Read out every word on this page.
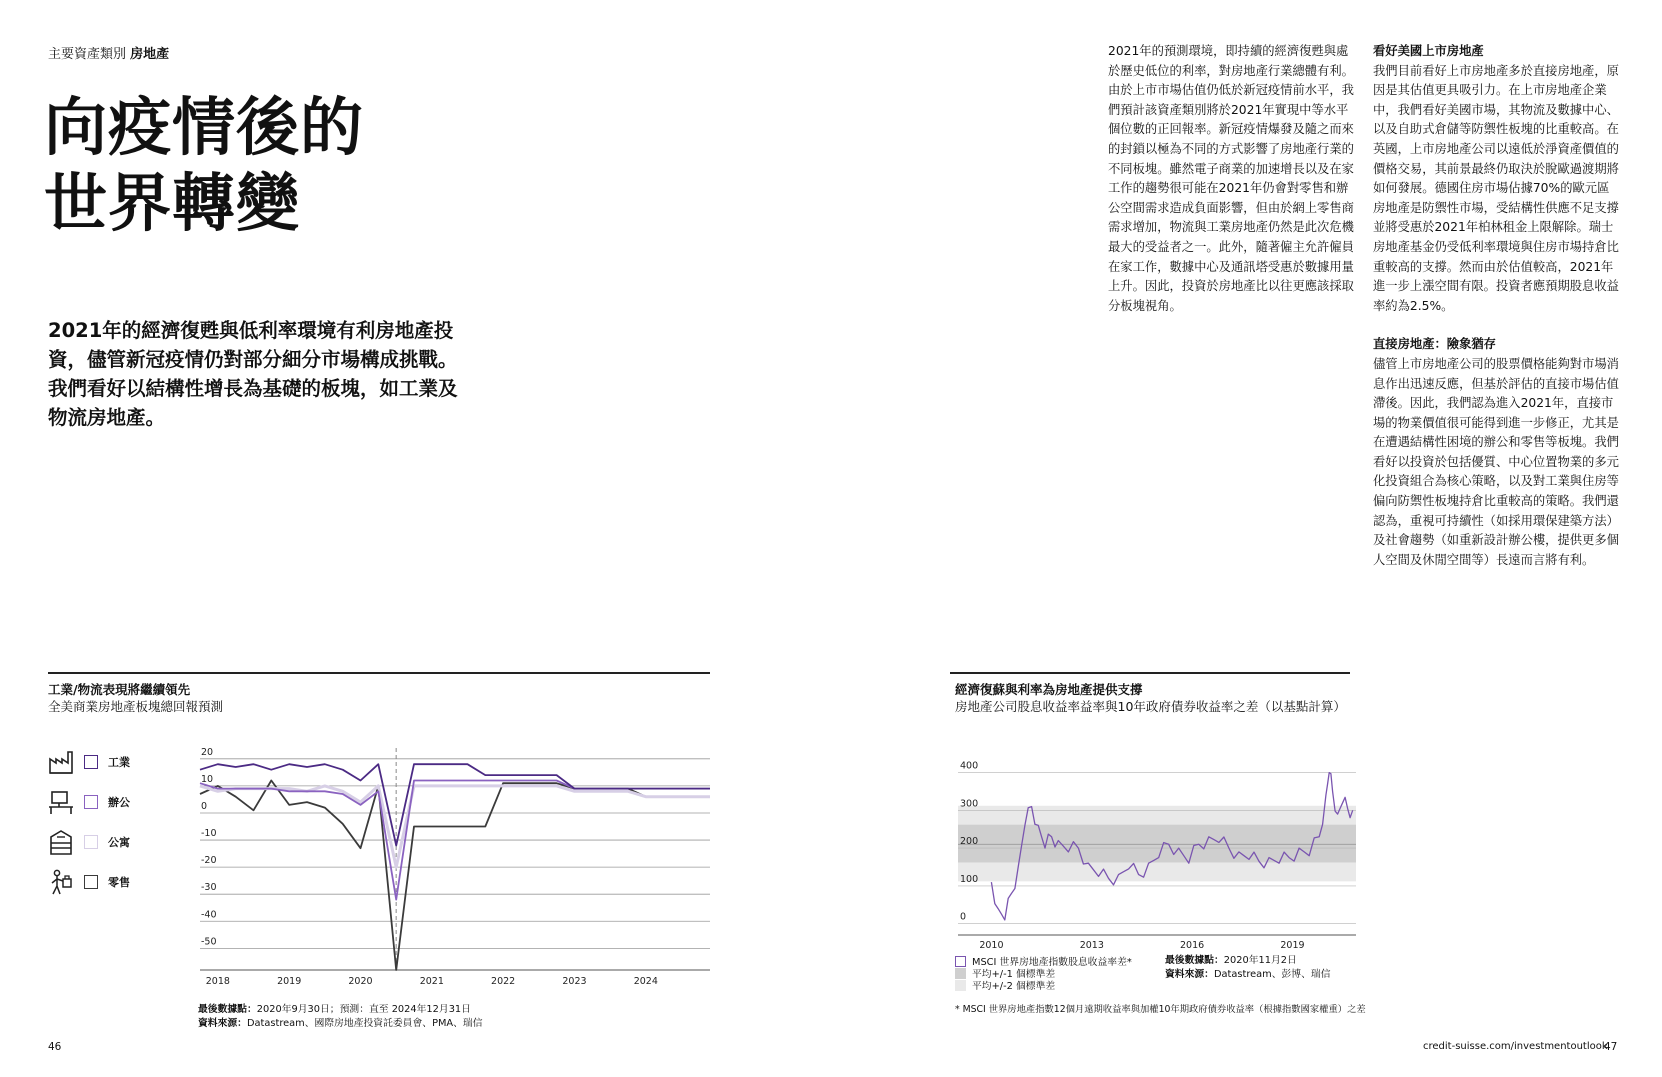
主要資產類別 房地產
向疫情後的
世界轉變
2021年的經濟復甦與低利率環境有利房地產投資，儘管新冠疫情仍對部分細分市場構成挑戰。我們看好以結構性增長為基礎的板塊，如工業及物流房地產。

2021年的預測環境，即持續的經濟復甦與處於歷史低位的利率，對房地產行業總體有利。由於上市市場估值仍低於新冠疫情前水平，我們預計該資產類別將於2021年實現中等水平個位數的正回報率。新冠疫情爆發及隨之而來的封鎖以極為不同的方式影響了房地產行業的不同板塊。雖然電子商業的加速增長以及在家工作的趨勢很可能在2021年仍會對零售和辦公空間需求造成負面影響，但由於網上零售商需求增加，物流與工業房地產仍然是此次危機最大的受益者之一。此外，隨著僱主允許僱員在家工作，數據中心及通訊塔受惠於數據用量上升。因此，投資於房地產比以往更應該採取分板塊視角。

看好美國上市房地產

我們目前看好上市房地產多於直接房地產，原因是其估值更具吸引力。在上市房地產企業中，我們看好美國市場，其物流及數據中心、以及自助式倉儲等防禦性板塊的比重較高。在英國，上市房地產公司以遠低於淨資產價值的價格交易，其前景最終仍取決於脫歐過渡期將如何發展。德國住房市場佔據70%的歐元區房地產是防禦性市場，受結構性供應不足支撐並將受惠於2021年柏林租金上限解除。瑞士房地產基金仍受低利率環境與住房市場持倉比重較高的支撐。然而由於估值較高，2021年進一步上漲空間有限。投資者應預期股息收益率約為2.5%。

直接房地產：險象猶存

儘管上市房地產公司的股票價格能夠對市場消息作出迅速反應，但基於評估的直接市場估值滯後。因此，我們認為進入2021年，直接市場的物業價值很可能得到進一步修正，尤其是在遭遇結構性困境的辦公和零售等板塊。我們看好以投資於包括優質、中心位置物業的多元化投資組合為核心策略，以及對工業與住房等偏向防禦性板塊持倉比重較高的策略。我們還認為，重視可持續性（如採用環保建築方法）及社會趨勢（如重新設計辦公樓，提供更多個人空間及休閒空間等）長遠而言將有利。

工業/物流表現將繼續領先
全美商業房地產板塊總回報預測
工業
辦公
公寓
零售
20
10
0
-10
-20
-30
-40
-50
2018	2019	2020	2021	2022	2023	2024
最後數據點：2020年9月30日；預測：直至 2024年12月31日
資料來源：Datastream、國際房地產投資託委員會、PMA、瑞信
經濟復蘇與利率為房地產提供支撐
房地產公司股息收益率益率與10年政府債券收益率之差（以基點計算）
400
300
200
100
0
2010	2013	2016	2019
MSCI 世界房地產指數股息收益率差*
平均+/-1 個標準差
平均+/-2 個標準差
最後數據點：2020年11月2日
資料來源：Datastream、彭博、瑞信
* MSCI 世界房地產指數12個月遠期收益率與加權10年期政府債券收益率（根據指數國家權重）之差
46	credit-suisse.com/investmentoutlook
47
